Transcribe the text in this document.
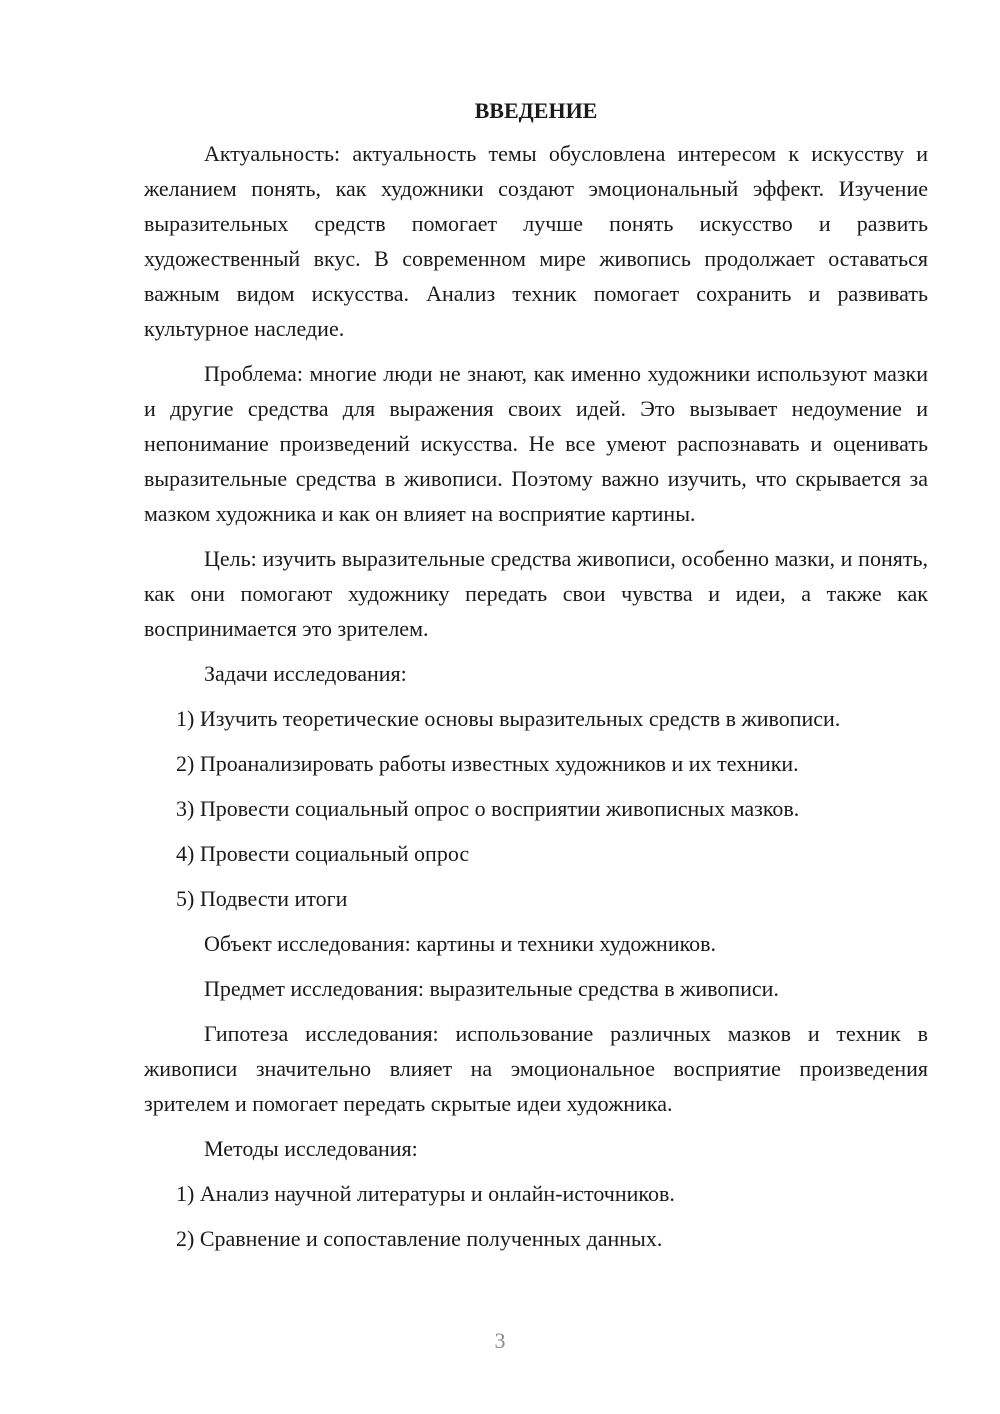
ВВЕДЕНИЕ

Актуальность: актуальность темы обусловлена интересом к искусству и желанием понять, как художники создают эмоциональный эффект. Изучение выразительных средств помогает лучше понять искусство и развить художественный вкус. В современном мире живопись продолжает оставаться важным видом искусства. Анализ техник помогает сохранить и развивать культурное наследие.

Проблема: многие люди не знают, как именно художники используют мазки и другие средства для выражения своих идей. Это вызывает недоумение и непонимание произведений искусства. Не все умеют распознавать и оценивать выразительные средства в живописи. Поэтому важно изучить, что скрывается за мазком художника и как он влияет на восприятие картины.

Цель: изучить выразительные средства живописи, особенно мазки, и понять, как они помогают художнику передать свои чувства и идеи, а также как воспринимается это зрителем.

Задачи исследования:

1) Изучить теоретические основы выразительных средств в живописи.
2) Проанализировать работы известных художников и их техники.
3) Провести социальный опрос о восприятии живописных мазков.
4) Провести социальный опрос
5) Подвести итоги

Объект исследования: картины и техники художников.

Предмет исследования: выразительные средства в живописи.

Гипотеза исследования: использование различных мазков и техник в живописи значительно влияет на эмоциональное восприятие произведения зрителем и помогает передать скрытые идеи художника.

Методы исследования:

1) Анализ научной литературы и онлайн-источников.
2) Сравнение и сопоставление полученных данных.
3
